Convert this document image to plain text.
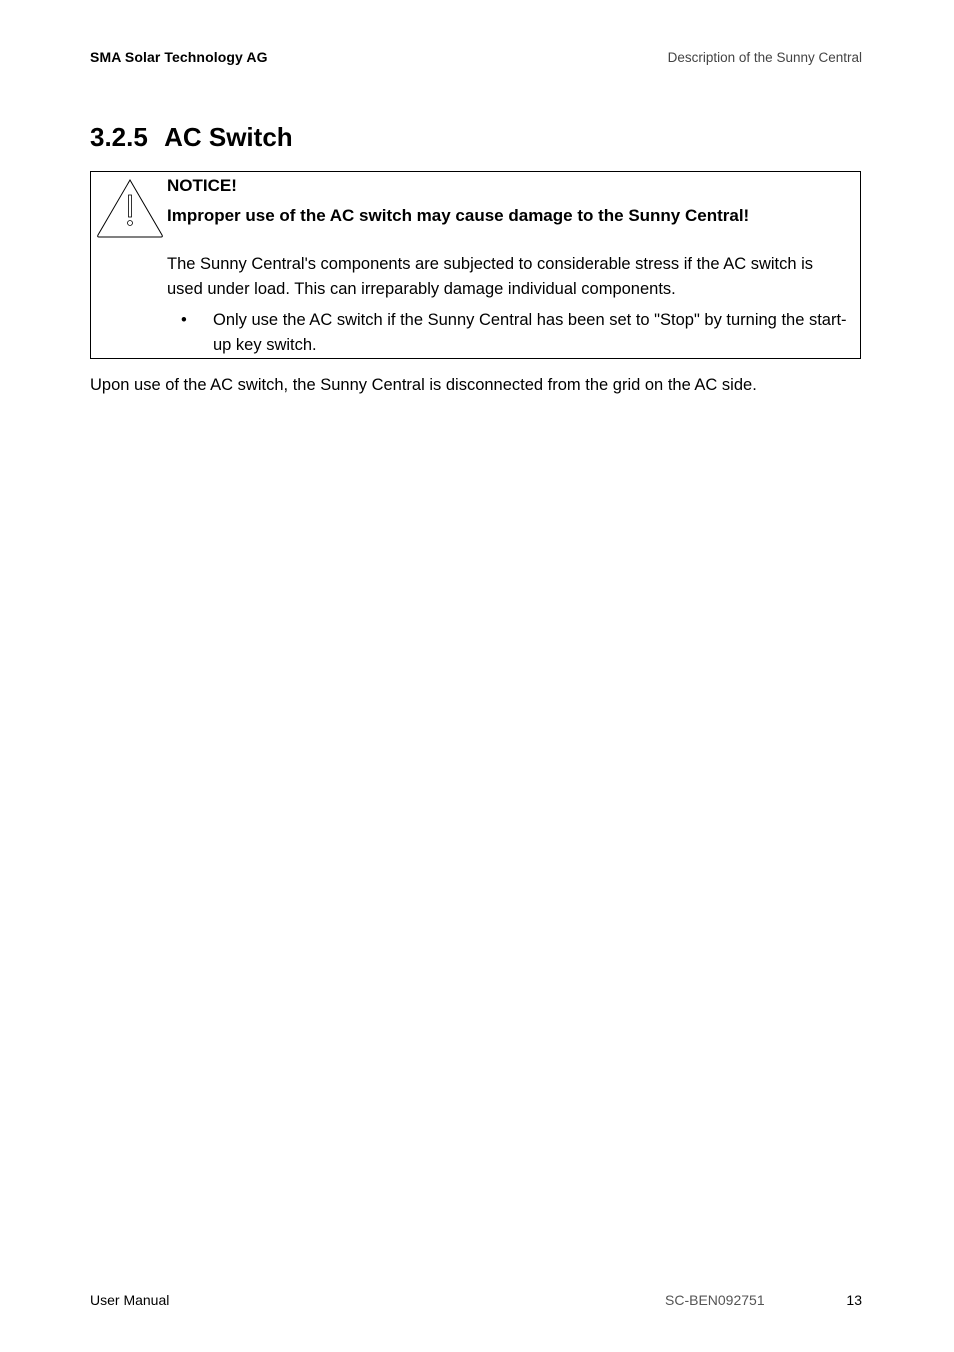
SMA Solar Technology AG	Description of the Sunny Central
3.2.5 AC Switch
NOTICE!
Improper use of the AC switch may cause damage to the Sunny Central!
The Sunny Central's components are subjected to considerable stress if the AC switch is used under load. This can irreparably damage individual components.
•	Only use the AC switch if the Sunny Central has been set to "Stop" by turning the start-up key switch.
Upon use of the AC switch, the Sunny Central is disconnected from the grid on the AC side.
User Manual	SC-BEN092751	13
